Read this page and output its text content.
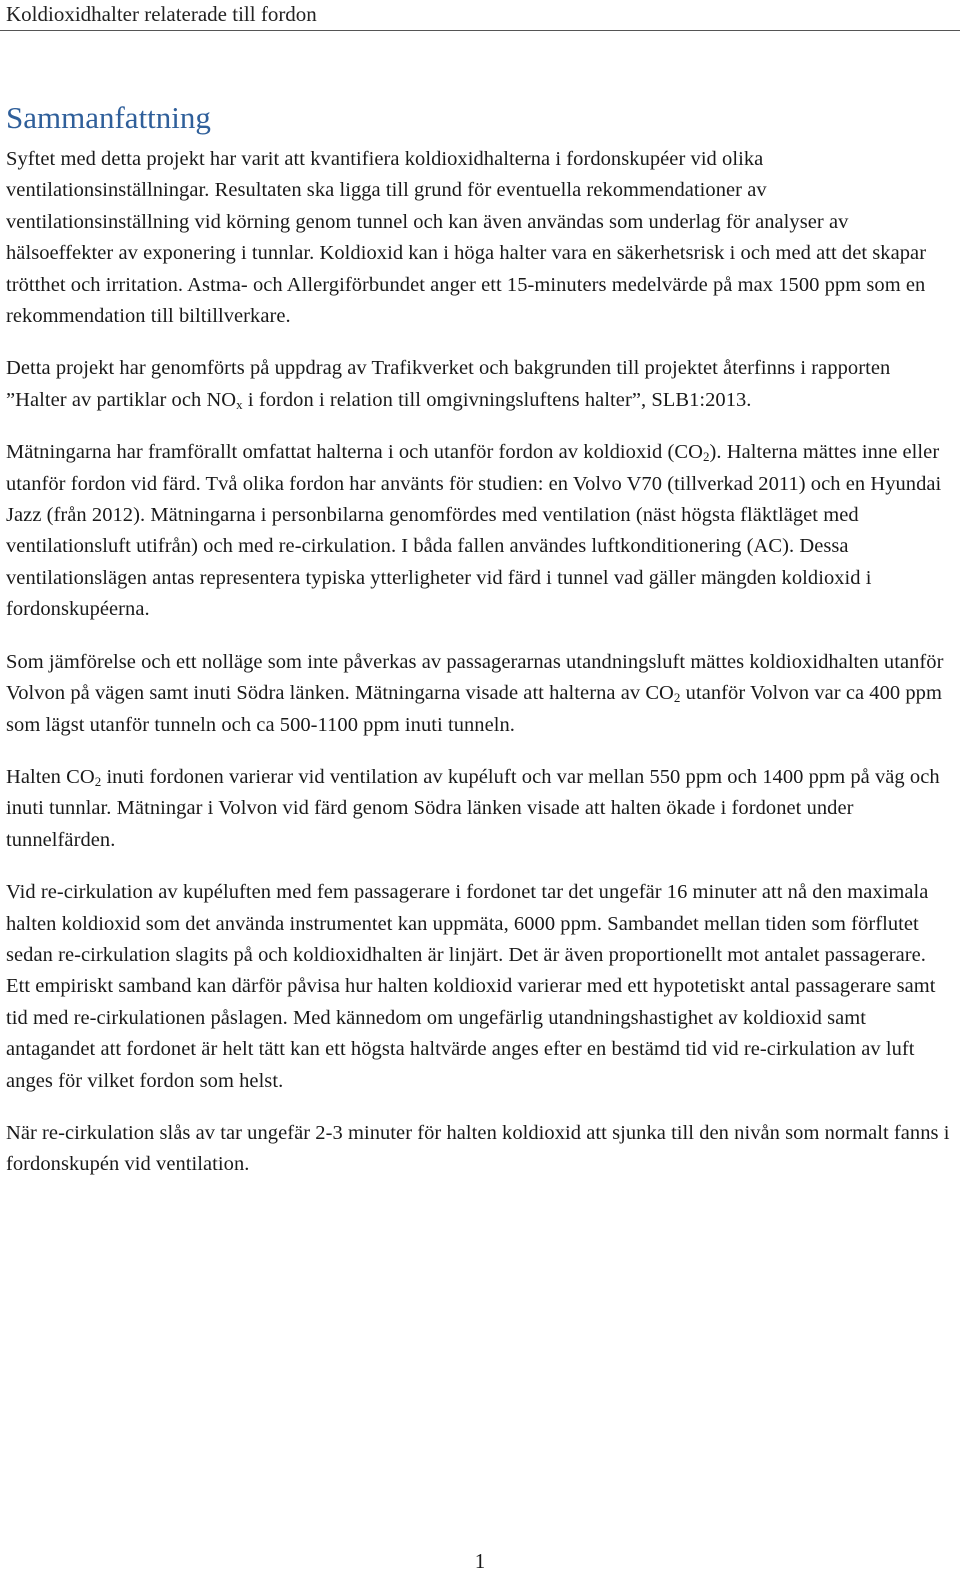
Koldioxidhalter relaterade till fordon
Sammanfattning

Syftet med detta projekt har varit att kvantifiera koldioxidhalterna i fordonskupéer vid olika ventilationsinställningar. Resultaten ska ligga till grund för eventuella rekommendationer av ventilationsinställning vid körning genom tunnel och kan även användas som underlag för analyser av hälsoeffekter av exponering i tunnlar. Koldioxid kan i höga halter vara en säkerhetsrisk i och med att det skapar trötthet och irritation. Astma- och Allergiförbundet anger ett 15-minuters medelvärde på max 1500 ppm som en rekommendation till biltillverkare.

Detta projekt har genomförts på uppdrag av Trafikverket och bakgrunden till projektet återfinns i rapporten ”Halter av partiklar och $NO_x$ i fordon i relation till omgivningsluftens halter”, SLB1:2013.

Mätningarna har framförallt omfattat halterna i och utanför fordon av koldioxid $(CO_2)$. Halterna mättes inne eller utanför fordon vid färd. Två olika fordon har använts för studien: en Volvo V70 (tillverkad 2011) och en Hyundai Jazz (från 2012). Mätningarna i personbilarna genomfördes med ventilation (näst högsta fläktläget med ventilationsluft utifrån) och med re-cirkulation. I båda fallen användes luftkonditionering (AC). Dessa ventilationslägen antas representera typiska ytterligheter vid färd i tunnel vad gäller mängden koldioxid i fordonskupéerna.

Som jämförelse och ett nolläge som inte påverkas av passagerarnas utandningsluft mättes koldioxidhalten utanför Volvon på vägen samt inuti Södra länken. Mätningarna visade att halterna av $CO_2$ utanför Volvon var ca 400 ppm som lägst utanför tunneln och ca 500-1100 ppm inuti tunneln.

Halten $CO_2$ inuti fordonen varierar vid ventilation av kupéluft och var mellan 550 ppm och 1400 ppm på väg och inuti tunnlar. Mätningar i Volvon vid färd genom Södra länken visade att halten ökade i fordonet under tunnelfärden.

Vid re-cirkulation av kupéluften med fem passagerare i fordonet tar det ungefär 16 minuter att nå den maximala halten koldioxid som det använda instrumentet kan uppmäta, 6000 ppm. Sambandet mellan tiden som förflutet sedan re-cirkulation slagits på och koldioxidhalten är linjärt. Det är även proportionellt mot antalet passagerare. Ett empiriskt samband kan därför påvisa hur halten koldioxid varierar med ett hypotetiskt antal passagerare samt tid med re-cirkulationen påslagen. Med kännedom om ungefärlig utandningshastighet av koldioxid samt antagandet att fordonet är helt tätt kan ett högsta haltvärde anges efter en bestämd tid vid re-cirkulation av luft anges för vilket fordon som helst.

När re-cirkulation slås av tar ungefär 2-3 minuter för halten koldioxid att sjunka till den nivån som normalt fanns i fordonskupén vid ventilation.

1
